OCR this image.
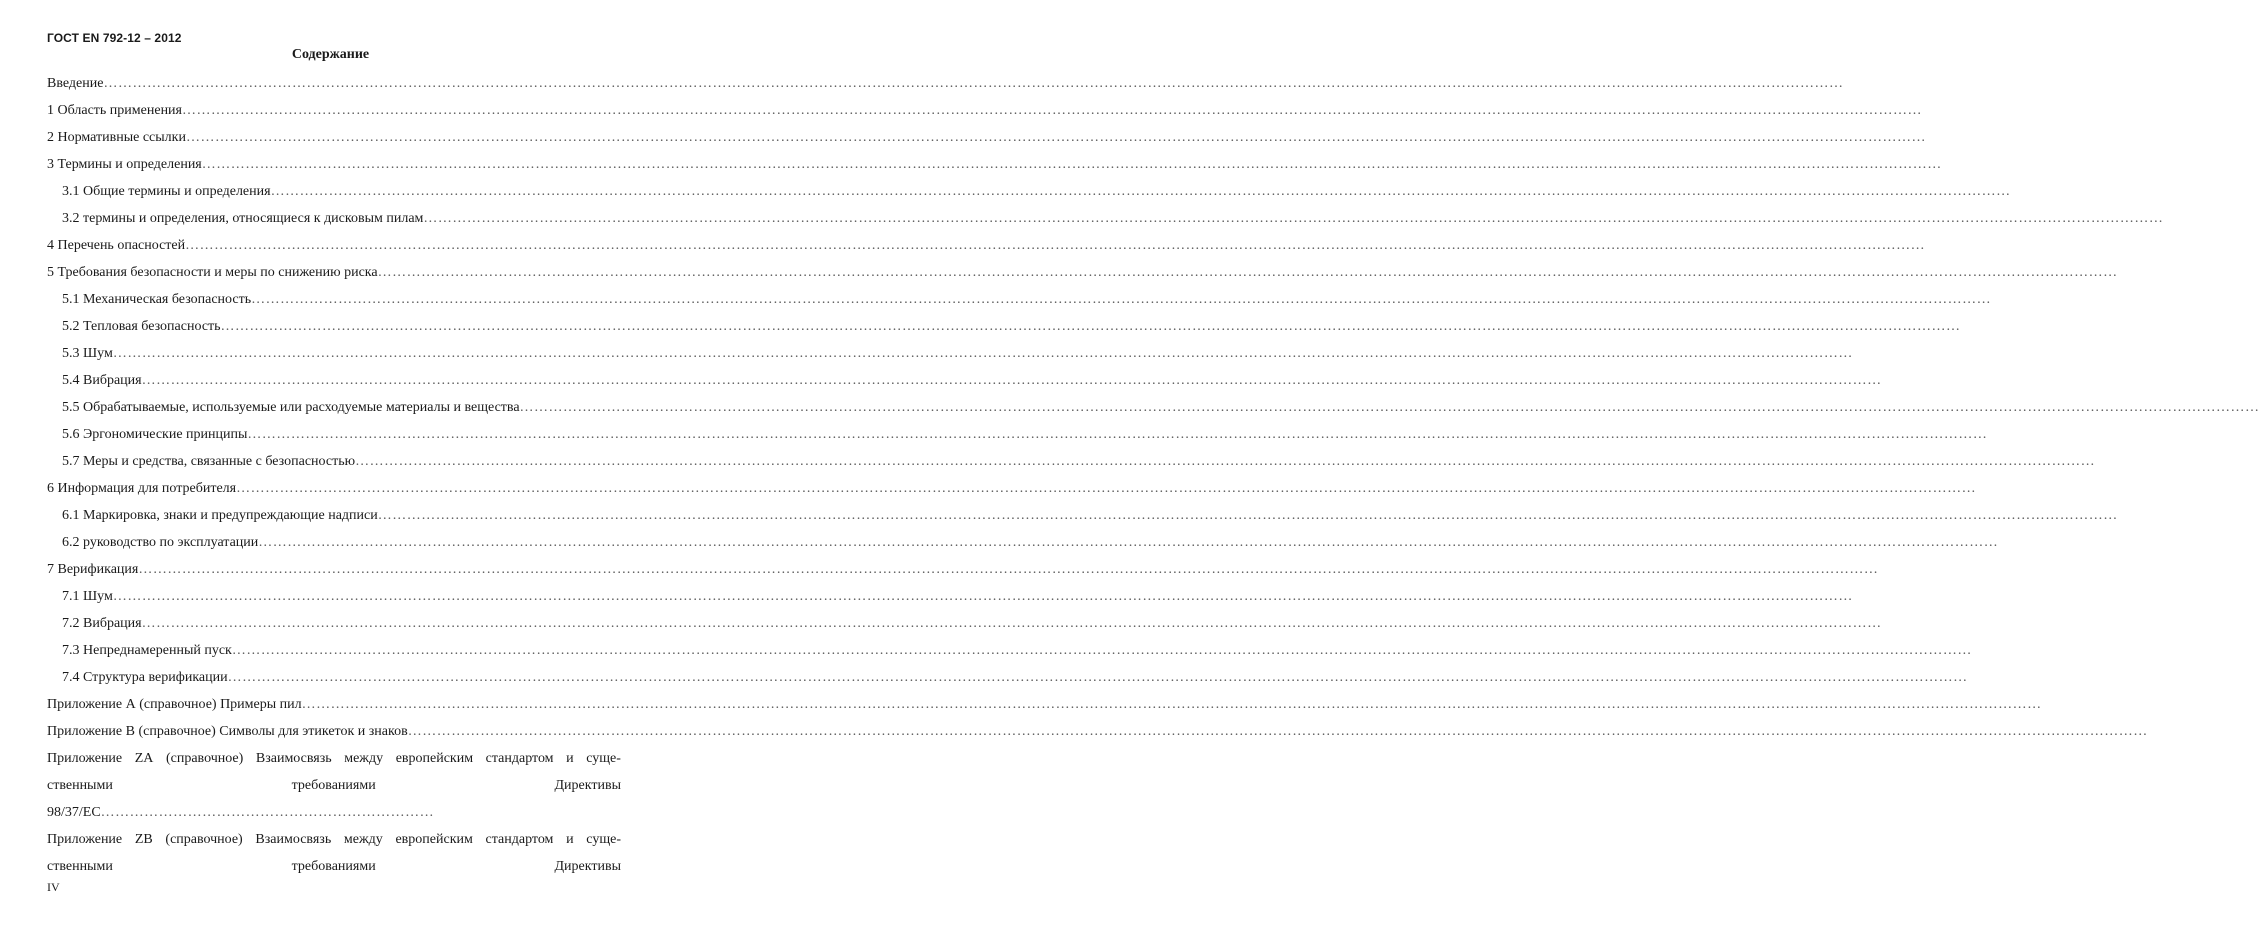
ГОСТ EN 792-12 – 2012
Содержание
Введение………………………………………………………………………………………………………………………………………………………………………………………………………………………………………………………………………………………………………………………………
1 Область применения………………………………………………………………………………………………………………………………………………………………………………………………………………………………………………………………………………………………………………………………
2 Нормативные ссылки………………………………………………………………………………………………………………………………………………………………………………………………………………………………………………………………………………………………………………………………
3 Термины и определения………………………………………………………………………………………………………………………………………………………………………………………………………………………………………………………………………………………………………………………………
3.1 Общие термины и определения………………………………………………………………………………………………………………………………………………………………………………………………………………………………………………………………………………………………………………………………
3.2 термины и определения, относящиеся к дисковым пилам………………………………………………………………………………………………………………………………………………………………………………………………………………………………………………………………………………………………………………………………
4 Перечень опасностей………………………………………………………………………………………………………………………………………………………………………………………………………………………………………………………………………………………………………………………………
5 Требования безопасности и меры по снижению риска………………………………………………………………………………………………………………………………………………………………………………………………………………………………………………………………………………………………………………………………
5.1 Механическая безопасность………………………………………………………………………………………………………………………………………………………………………………………………………………………………………………………………………………………………………………………………
5.2 Тепловая безопасность………………………………………………………………………………………………………………………………………………………………………………………………………………………………………………………………………………………………………………………………
5.3 Шум………………………………………………………………………………………………………………………………………………………………………………………………………………………………………………………………………………………………………………………………
5.4 Вибрация………………………………………………………………………………………………………………………………………………………………………………………………………………………………………………………………………………………………………………………………
5.5 Обрабатываемые, используемые или расходуемые материалы и вещества………………………………………………………………………………………………………………………………………………………………………………………………………………………………………………………………………………………………………………………………
5.6 Эргономические принципы………………………………………………………………………………………………………………………………………………………………………………………………………………………………………………………………………………………………………………………………
5.7 Меры и средства, связанные с безопасностью………………………………………………………………………………………………………………………………………………………………………………………………………………………………………………………………………………………………………………………………
6 Информация для потребителя………………………………………………………………………………………………………………………………………………………………………………………………………………………………………………………………………………………………………………………………
6.1 Маркировка, знаки и предупреждающие надписи………………………………………………………………………………………………………………………………………………………………………………………………………………………………………………………………………………………………………………………………
6.2 руководство по эксплуатации………………………………………………………………………………………………………………………………………………………………………………………………………………………………………………………………………………………………………………………………
7 Верификация………………………………………………………………………………………………………………………………………………………………………………………………………………………………………………………………………………………………………………………………
7.1 Шум………………………………………………………………………………………………………………………………………………………………………………………………………………………………………………………………………………………………………………………………
7.2 Вибрация………………………………………………………………………………………………………………………………………………………………………………………………………………………………………………………………………………………………………………………………
7.3 Непреднамеренный пуск………………………………………………………………………………………………………………………………………………………………………………………………………………………………………………………………………………………………………………………………
7.4 Структура верификации………………………………………………………………………………………………………………………………………………………………………………………………………………………………………………………………………………………………………………………………
Приложение А (справочное) Примеры пил………………………………………………………………………………………………………………………………………………………………………………………………………………………………………………………………………………………………………………………………
Приложение В (справочное) Символы для этикеток и знаков………………………………………………………………………………………………………………………………………………………………………………………………………………………………………………………………………………………………………………………………
Приложение ZA (справочное) Взаимосвязь между европейским стандартом и суще-
ственными	требованиями	Директивы
98/37/ЕС……………………………………………………………
Приложение ZB (справочное) Взаимосвязь между европейским стандартом и суще-
ственными	требованиями	Директивы
IV
